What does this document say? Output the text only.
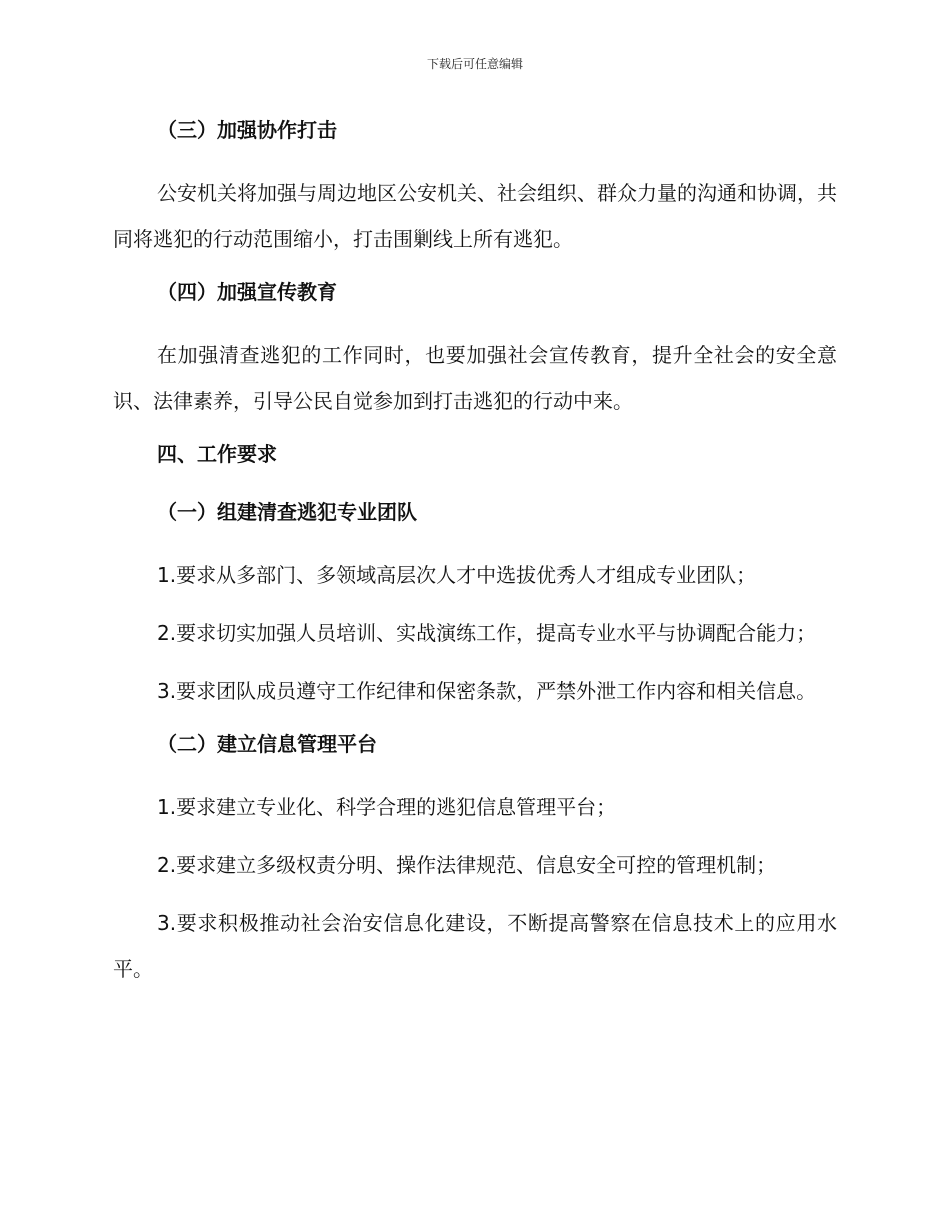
下载后可任意编辑
（三）加强协作打击
公安机关将加强与周边地区公安机关、社会组织、群众力量的沟通和协调，共同将逃犯的行动范围缩小，打击围剿线上所有逃犯。
（四）加强宣传教育
在加强清查逃犯的工作同时，也要加强社会宣传教育，提升全社会的安全意识、法律素养，引导公民自觉参加到打击逃犯的行动中来。
四、工作要求
（一）组建清查逃犯专业团队
1.要求从多部门、多领域高层次人才中选拔优秀人才组成专业团队；
2.要求切实加强人员培训、实战演练工作，提高专业水平与协调配合能力；
3.要求团队成员遵守工作纪律和保密条款，严禁外泄工作内容和相关信息。
（二）建立信息管理平台
1.要求建立专业化、科学合理的逃犯信息管理平台；
2.要求建立多级权责分明、操作法律规范、信息安全可控的管理机制；
3.要求积极推动社会治安信息化建设，不断提高警察在信息技术上的应用水平。
